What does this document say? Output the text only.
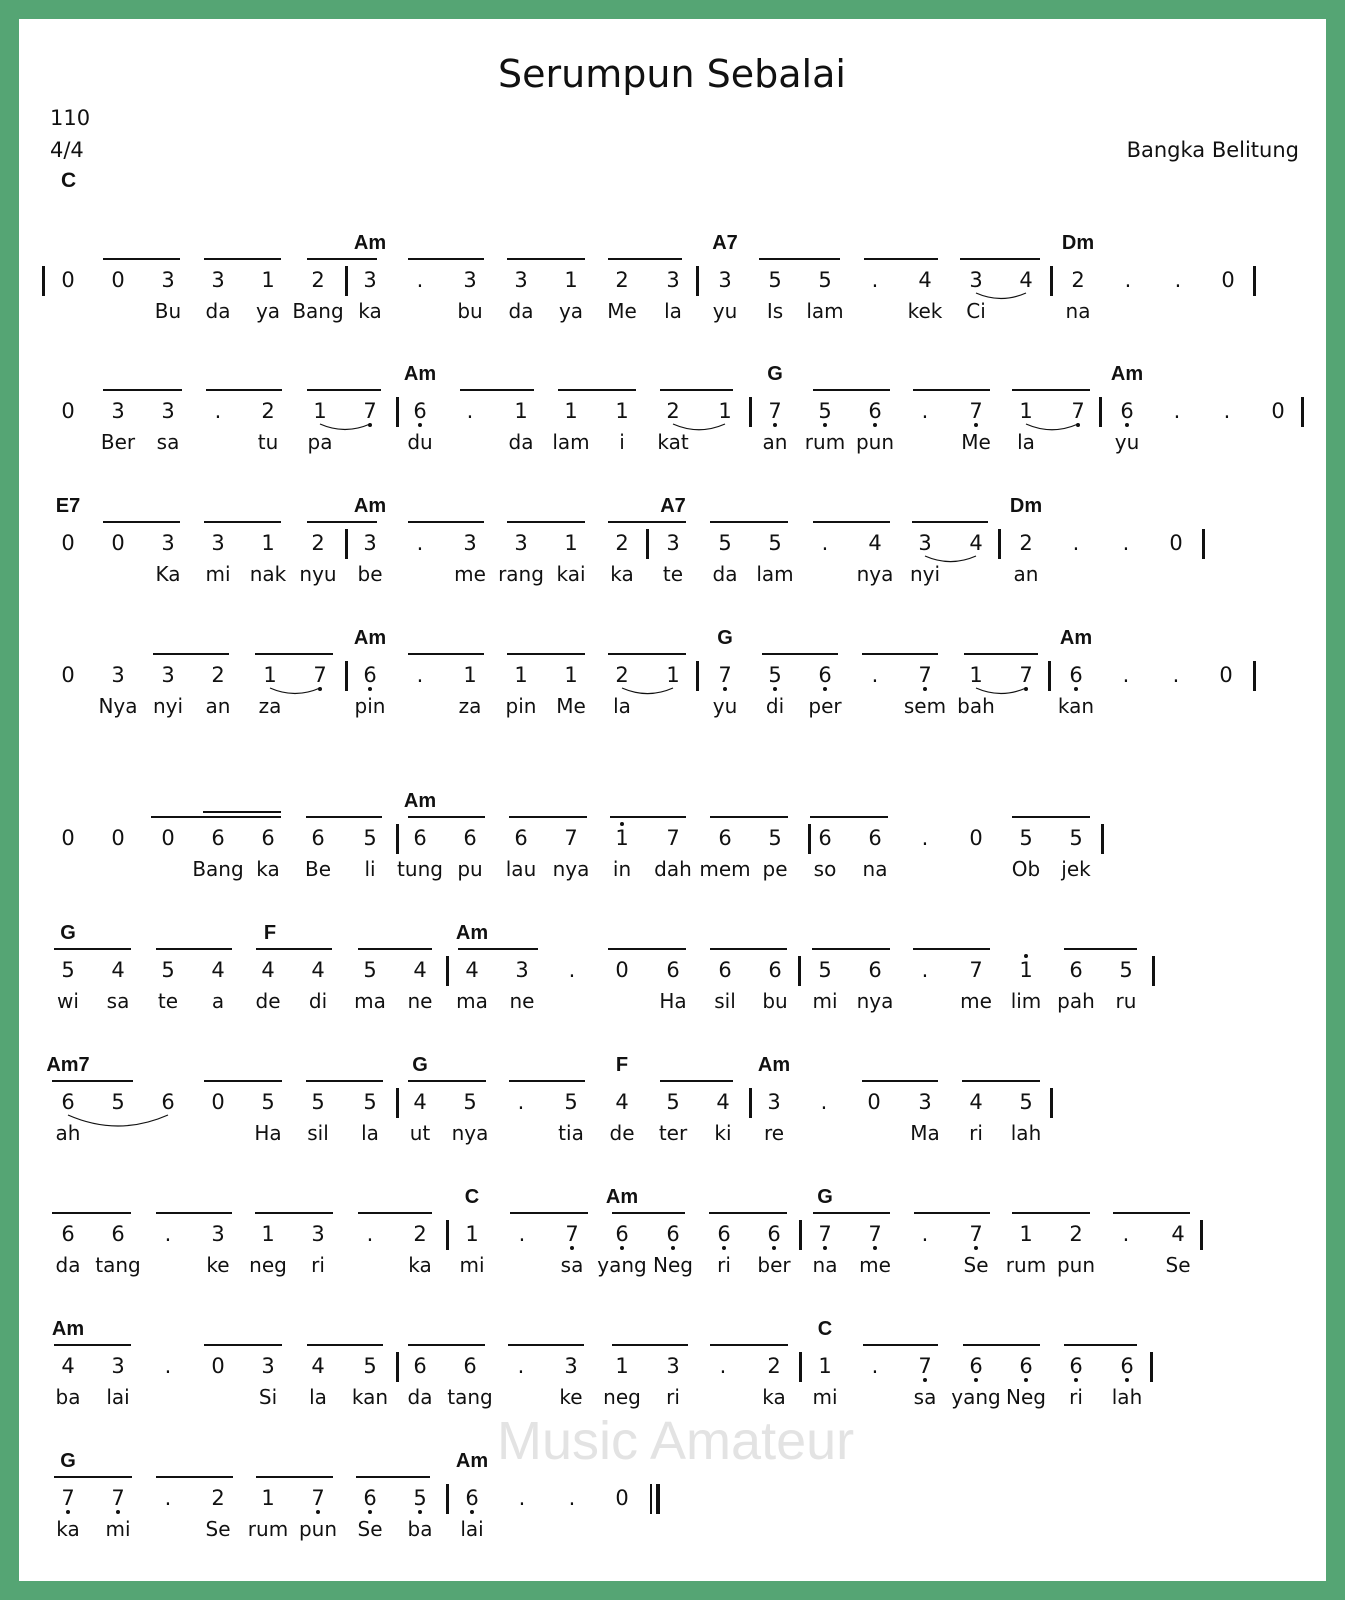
Serumpun Sebalai
110
4/4
C
Bangka Belitung
Music Amateur
Am	A7	Dm
0 0 3 3 1 2 3 . 3 3 1 2 3 3 5 5 . 4 3 4 2 . . 0
Bu da ya Bang ka	bu da ya Me la yu Is lam	kek Ci	na
Am	G	Am
0 3 3 . 2 1 7 6 . 1 1 1 2 1 7 5 6 . 7 1 7 6 . . 0
Ber sa	tu pa	du	da lam i kat	an rum pun	Me la	yu
E7	Am	A7	Dm
0 0 3 3 1 2 3 . 3 3 1 2 3 5 5 . 4 3 4 2 . . 0
Ka mi nak nyu be	me rang kai ka te da lam	nya nyi	an
Am	G	Am
0 3 3 2 1 7 6 . 1 1 1 2 1 7 5 6 . 7 1 7 6 . . 0
Nya nyi an za	pin	za pin Me la	yu di per	sem bah	kan
Am
0 0 0 6 6 6 5 6 6 6 7 1 7 6 5 6 6 . 0 5 5
Bang ka Be li tung pu lau nya in dah mem pe so na	Ob jek
G	F	Am
5 4 5 4 4 4 5 4 4 3 . 0 6 6 6 5 6 . 7 1 6 5
wi sa te a de di ma ne ma ne	Ha sil bu mi nya	me lim pah ru
Am7	G	F	Am
6 5 6 0 5 5 5 4 5 . 5 4 5 4 3 . 0 3 4 5
ah	Ha sil la ut nya	tia de ter ki re	Ma ri lah
C	Am	G
6 6 . 3 1 3 . 2 1 . 7 6 6 6 6 7 7 . 7 1 2 . 4
da tang	ke neg ri	ka mi	sa yang Neg ri ber na me	Se rum pun	Se
Am	C
4 3 . 0 3 4 5 6 6 . 3 1 3 . 2 1 . 7 6 6 6 6
ba lai	Si la kan da tang	ke neg ri	ka mi	sa yang Neg ri lah
G	Am
7 7 . 2 1 7 6 5 6 . . 0
ka mi	Se rum pun Se ba lai
